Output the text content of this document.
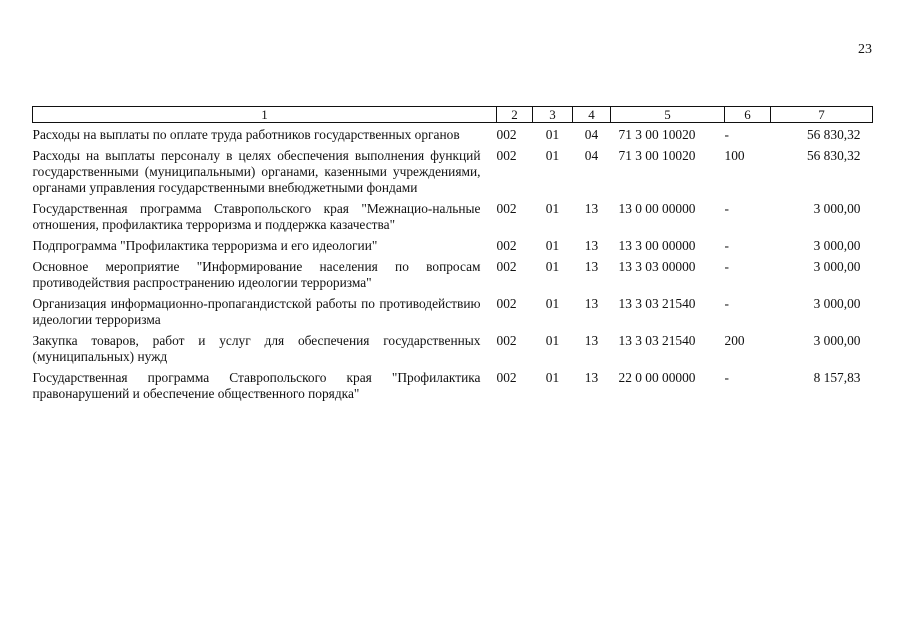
23
1	2	3	4	5	6	7
Расходы на выплаты по оплате труда работников государственных органов	002	01	04	71 3 00 10020	-	56 830,32
Расходы на выплаты персоналу в целях обеспечения выполнения функций государственными (муниципальными) органами, казенными учреждениями, органами управления государственными внебюджетными фондами	002	01	04	71 3 00 10020	100	56 830,32
Государственная программа Ставропольского края "Межнацио-нальные отношения, профилактика терроризма и поддержка казачества"	002	01	13	13 0 00 00000	-	3 000,00
Подпрограмма "Профилактика терроризма и его идеологии"	002	01	13	13 3 00 00000	-	3 000,00
Основное мероприятие "Информирование населения по вопросам противодействия распространению идеологии терроризма"	002	01	13	13 3 03 00000	-	3 000,00
Организация информационно-пропагандистской работы по противодействию идеологии терроризма	002	01	13	13 3 03 21540	-	3 000,00
Закупка товаров, работ и услуг для обеспечения государственных (муниципальных) нужд	002	01	13	13 3 03 21540	200	3 000,00
Государственная программа Ставропольского края "Профилактика правонарушений и обеспечение общественного порядка"	002	01	13	22 0 00 00000	-	8 157,83
